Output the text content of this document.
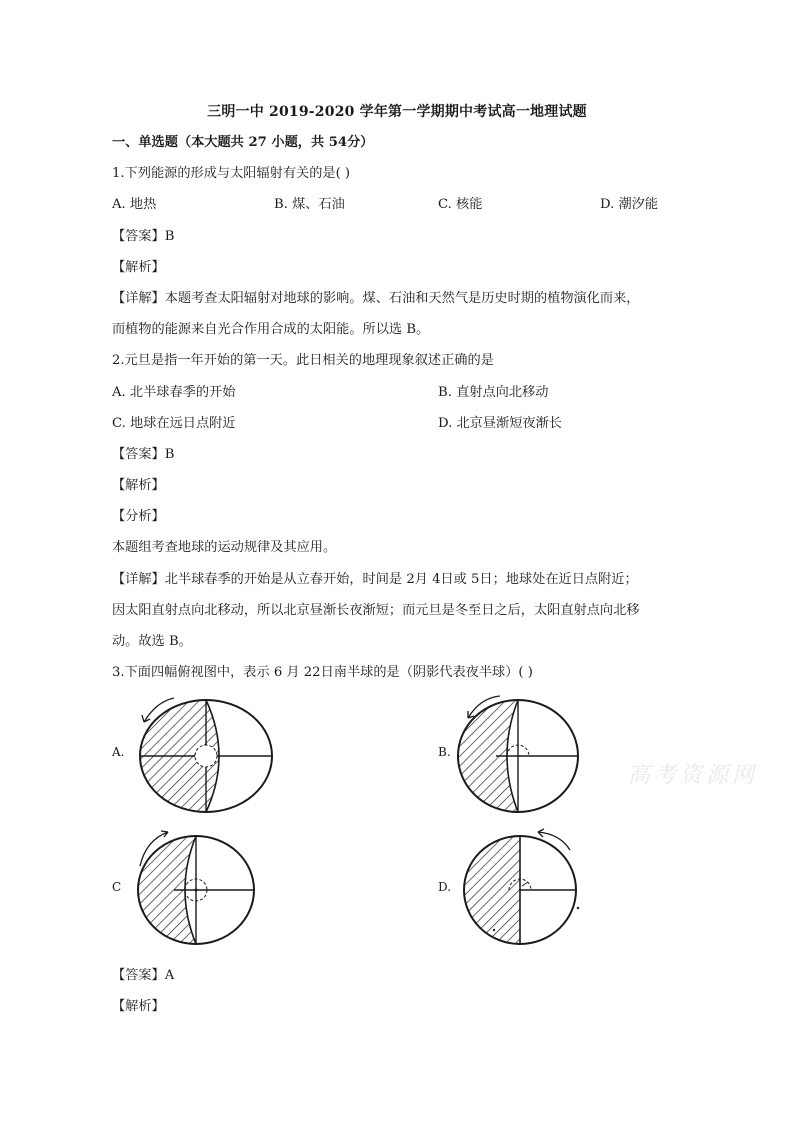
三明一中 2019-2020 学年第一学期期中考试高一地理试题
一、单选题（本大题共 27 小题，共 54分）
1.下列能源的形成与太阳辐射有关的是( )
A. 地热	B. 煤、石油	C. 核能	D. 潮汐能
【答案】B
【解析】
【详解】本题考查太阳辐射对地球的影响。煤、石油和天然气是历史时期的植物演化而来，
而植物的能源来自光合作用合成的太阳能。所以选 B。
2.元旦是指一年开始的第一天。此日相关的地理现象叙述正确的是
A. 北半球春季的开始	B. 直射点向北移动
C. 地球在远日点附近	D. 北京昼渐短夜渐长
【答案】B
【解析】
【分析】
本题组考查地球的运动规律及其应用。
【详解】北半球春季的开始是从立春开始，时间是 2月 4日或 5日；地球处在近日点附近；
因太阳直射点向北移动，所以北京昼渐长夜渐短；而元旦是冬至日之后，太阳直射点向北移
动。故选 B。
3.下面四幅俯视图中，表示 6 月 22日南半球的是（阴影代表夜半球）( )
A.	B.
C	D.
高考资源网
【答案】A
【解析】
